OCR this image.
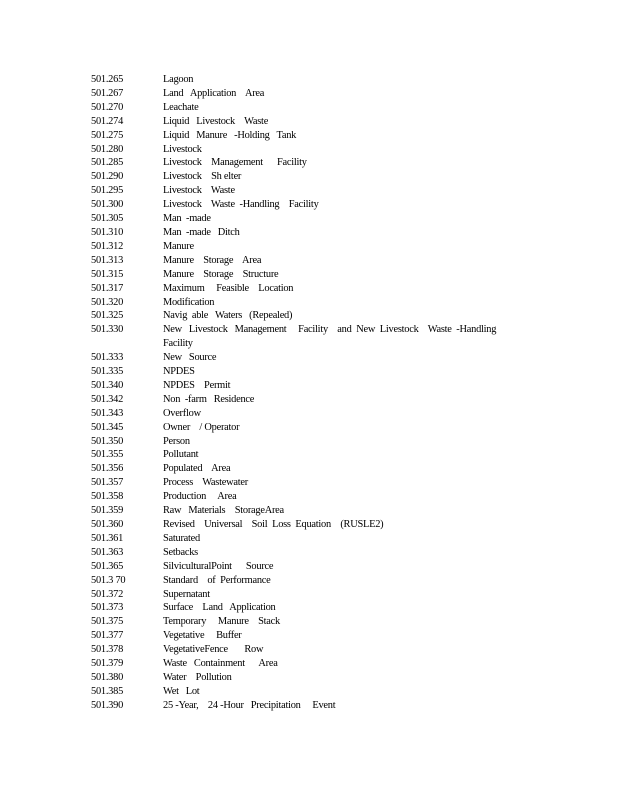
501.265	Lagoon
501.267	Land   Application    Area
501.270	Leachate
501.274	Liquid   Livestock    Waste
501.275	Liquid   Manure   -Holding   Tank
501.280	Livestock
501.285	Livestock    Management      Facility
501.290	Livestock    Sh elter
501.295	Livestock    Waste
501.300	Livestock    Waste  -Handling    Facility
501.305	Man  -made
501.310	Man  -made   Ditch
501.312	Manure
501.313	Manure    Storage    Area
501.315	Manure    Storage    Structure
501.317	Maximum     Feasible    Location
501.320	Modification
501.325	Navig  able   Waters   (Repealed)
501.330	New   Livestock   Management     Facility    and  New  Livestock    Waste  -Handling
Facility
501.333	New   Source
501.335	NPDES
501.340	NPDES    Permit
501.342	Non  -farm   Residence
501.343	Overflow
501.345	Owner    / Operator
501.350	Person
501.355	Pollutant
501.356	Populated    Area
501.357	Process    Wastewater
501.358	Production     Area
501.359	Raw   Materials    StorageArea
501.360	Revised    Universal    Soil  Loss  Equation    (RUSLE2)
501.361	Saturated
501.363	Setbacks
501.365	SilviculturalPoint      Source
501.3 70	Standard    of  Performance
501.372	Supernatant
501.373	Surface    Land   Application
501.375	Temporary     Manure    Stack
501.377	Vegetative     Buffer
501.378	VegetativeFence       Row
501.379	Waste   Containment      Area
501.380	Water    Pollution
501.385	Wet   Lot
501.390	25 -Year,    24 -Hour   Precipitation     Event
